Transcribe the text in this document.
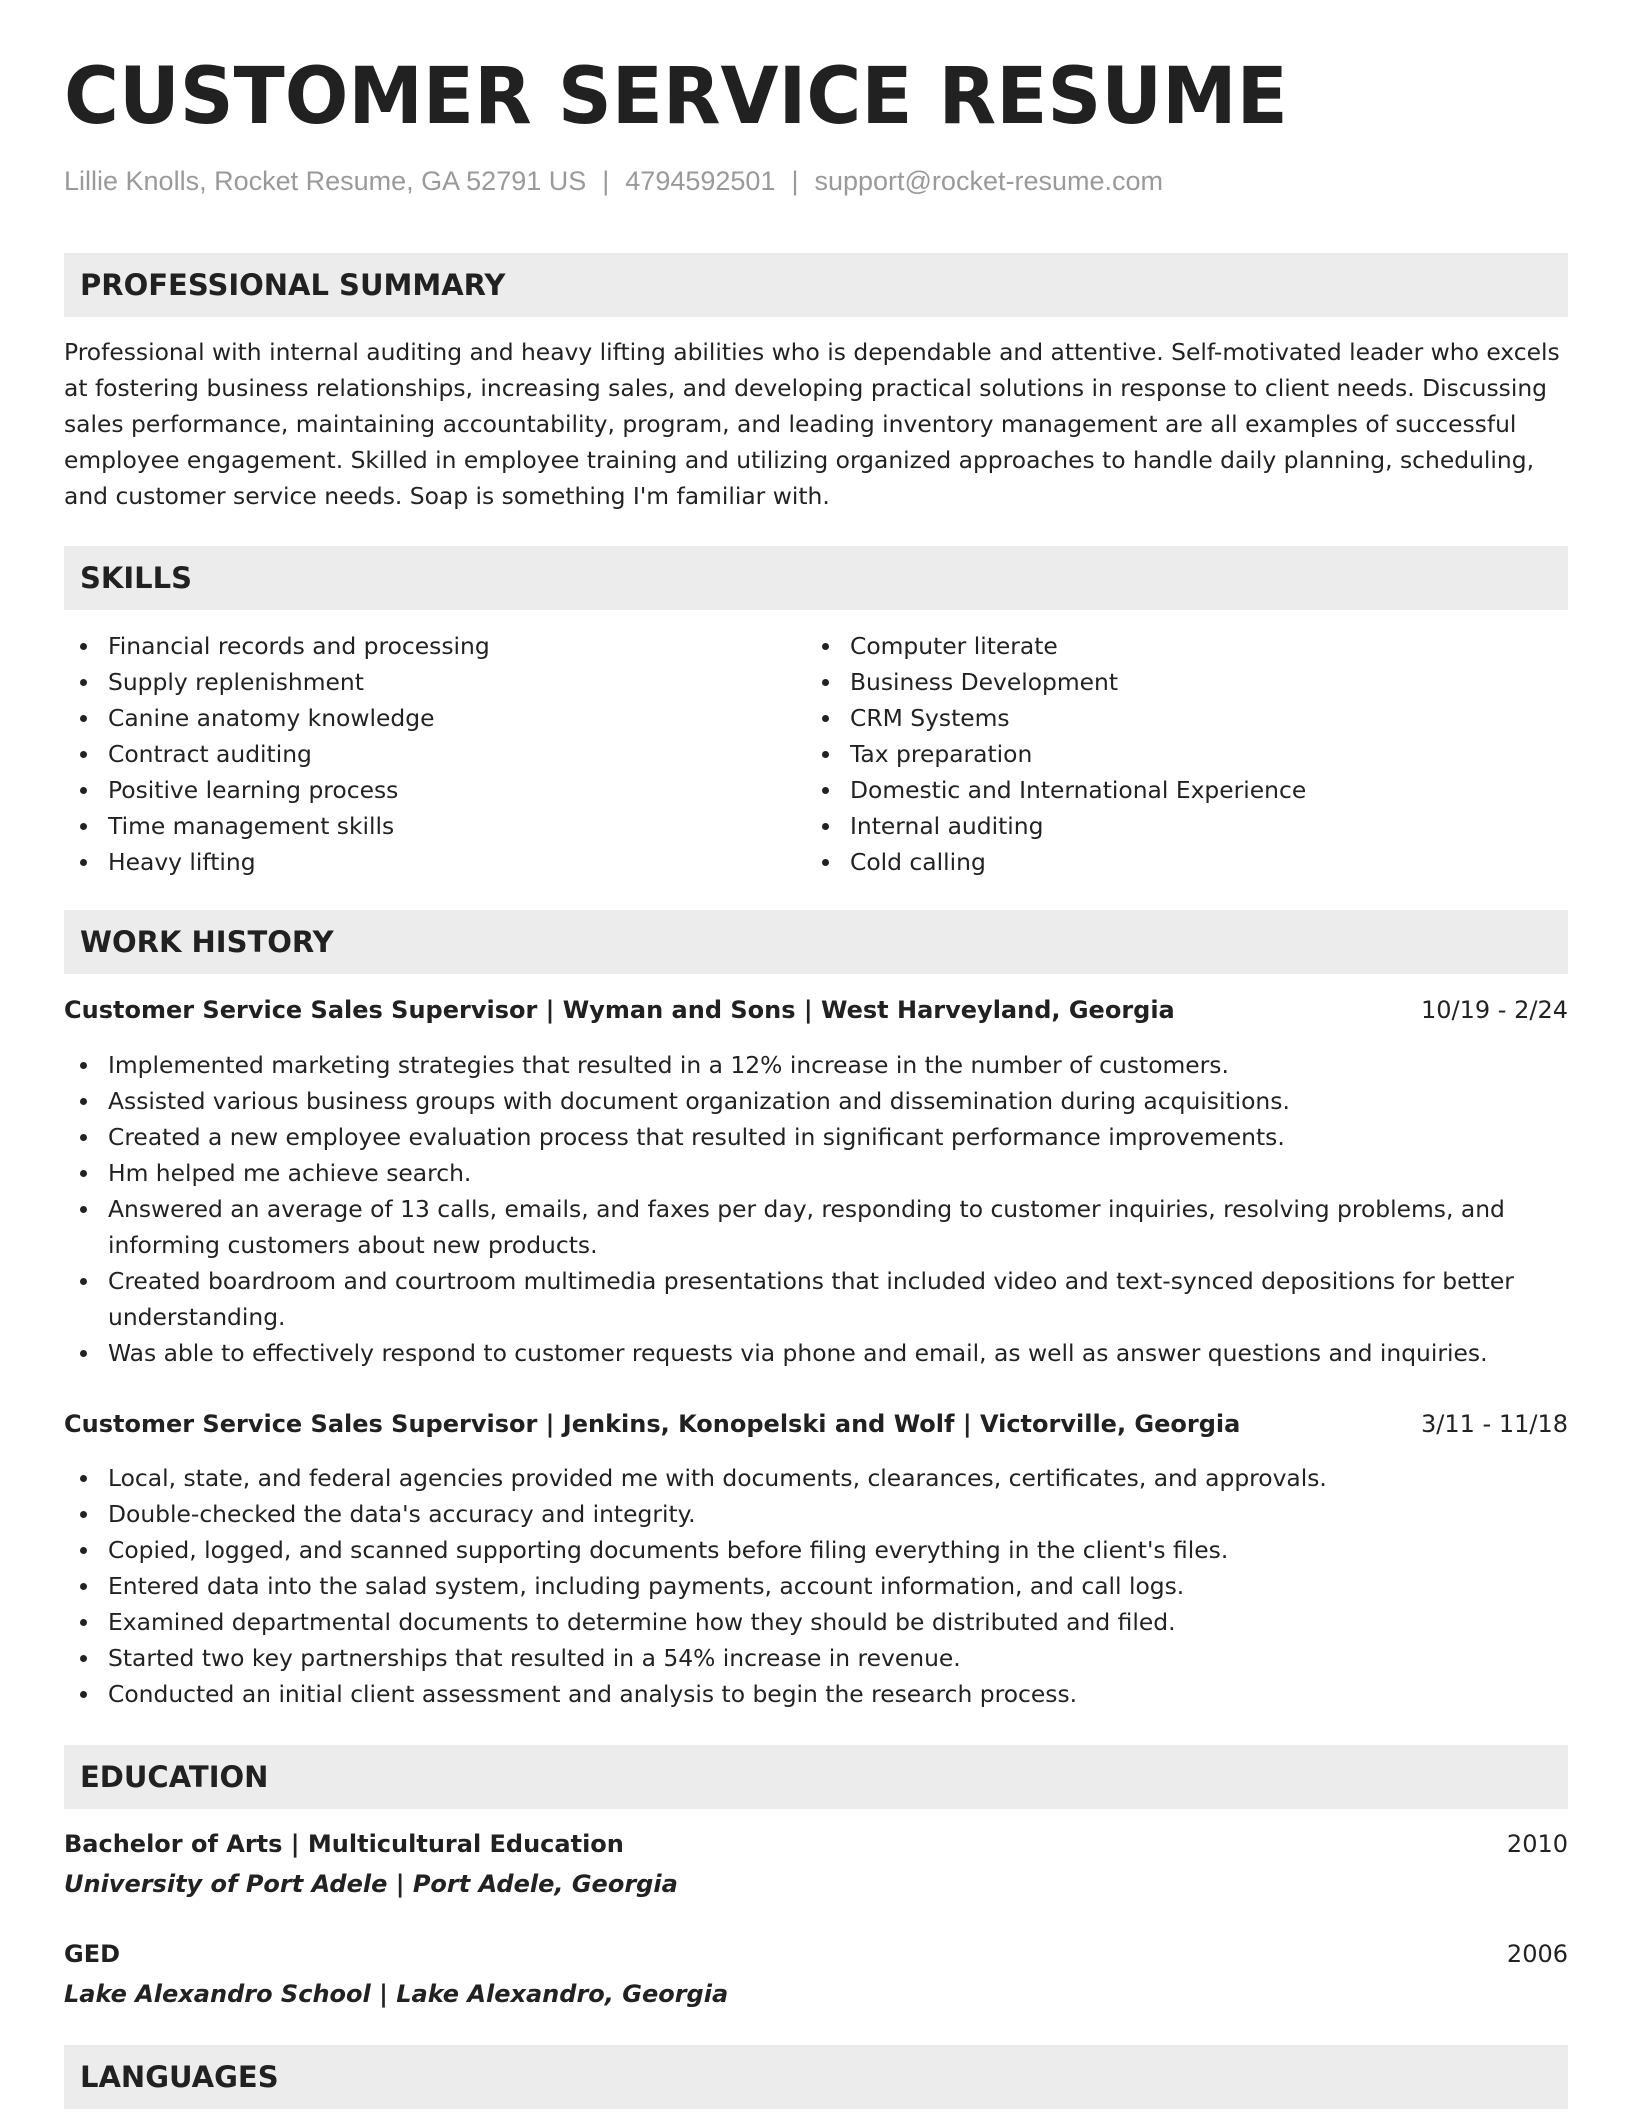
CUSTOMER SERVICE RESUME
Lillie Knolls, Rocket Resume, GA 52791 US | 4794592501 | support@rocket-resume.com
PROFESSIONAL SUMMARY

Professional with internal auditing and heavy lifting abilities who is dependable and attentive. Self-motivated leader who excels at fostering business relationships, increasing sales, and developing practical solutions in response to client needs. Discussing sales performance, maintaining accountability, program, and leading inventory management are all examples of successful employee engagement. Skilled in employee training and utilizing organized approaches to handle daily planning, scheduling, and customer service needs. Soap is something I'm familiar with.

SKILLS
Financial records and processing
Supply replenishment
Canine anatomy knowledge
Contract auditing
Positive learning process
Time management skills
Heavy lifting
Computer literate
Business Development
CRM Systems
Tax preparation
Domestic and International Experience
Internal auditing
Cold calling
WORK HISTORY
Customer Service Sales Supervisor | Wyman and Sons | West Harveyland, Georgia	10/19 - 2/24
Implemented marketing strategies that resulted in a 12% increase in the number of customers.
Assisted various business groups with document organization and dissemination during acquisitions.
Created a new employee evaluation process that resulted in significant performance improvements.
Hm helped me achieve search.
Answered an average of 13 calls, emails, and faxes per day, responding to customer inquiries, resolving problems, and informing customers about new products.
Created boardroom and courtroom multimedia presentations that included video and text-synced depositions for better understanding.
Was able to effectively respond to customer requests via phone and email, as well as answer questions and inquiries.
Customer Service Sales Supervisor | Jenkins, Konopelski and Wolf | Victorville, Georgia	3/11 - 11/18
Local, state, and federal agencies provided me with documents, clearances, certificates, and approvals.
Double-checked the data's accuracy and integrity.
Copied, logged, and scanned supporting documents before filing everything in the client's files.
Entered data into the salad system, including payments, account information, and call logs.
Examined departmental documents to determine how they should be distributed and filed.
Started two key partnerships that resulted in a 54% increase in revenue.
Conducted an initial client assessment and analysis to begin the research process.
EDUCATION
Bachelor of Arts | Multicultural Education	2010
University of Port Adele | Port Adele, Georgia
GED	2006
Lake Alexandro School | Lake Alexandro, Georgia
LANGUAGES
